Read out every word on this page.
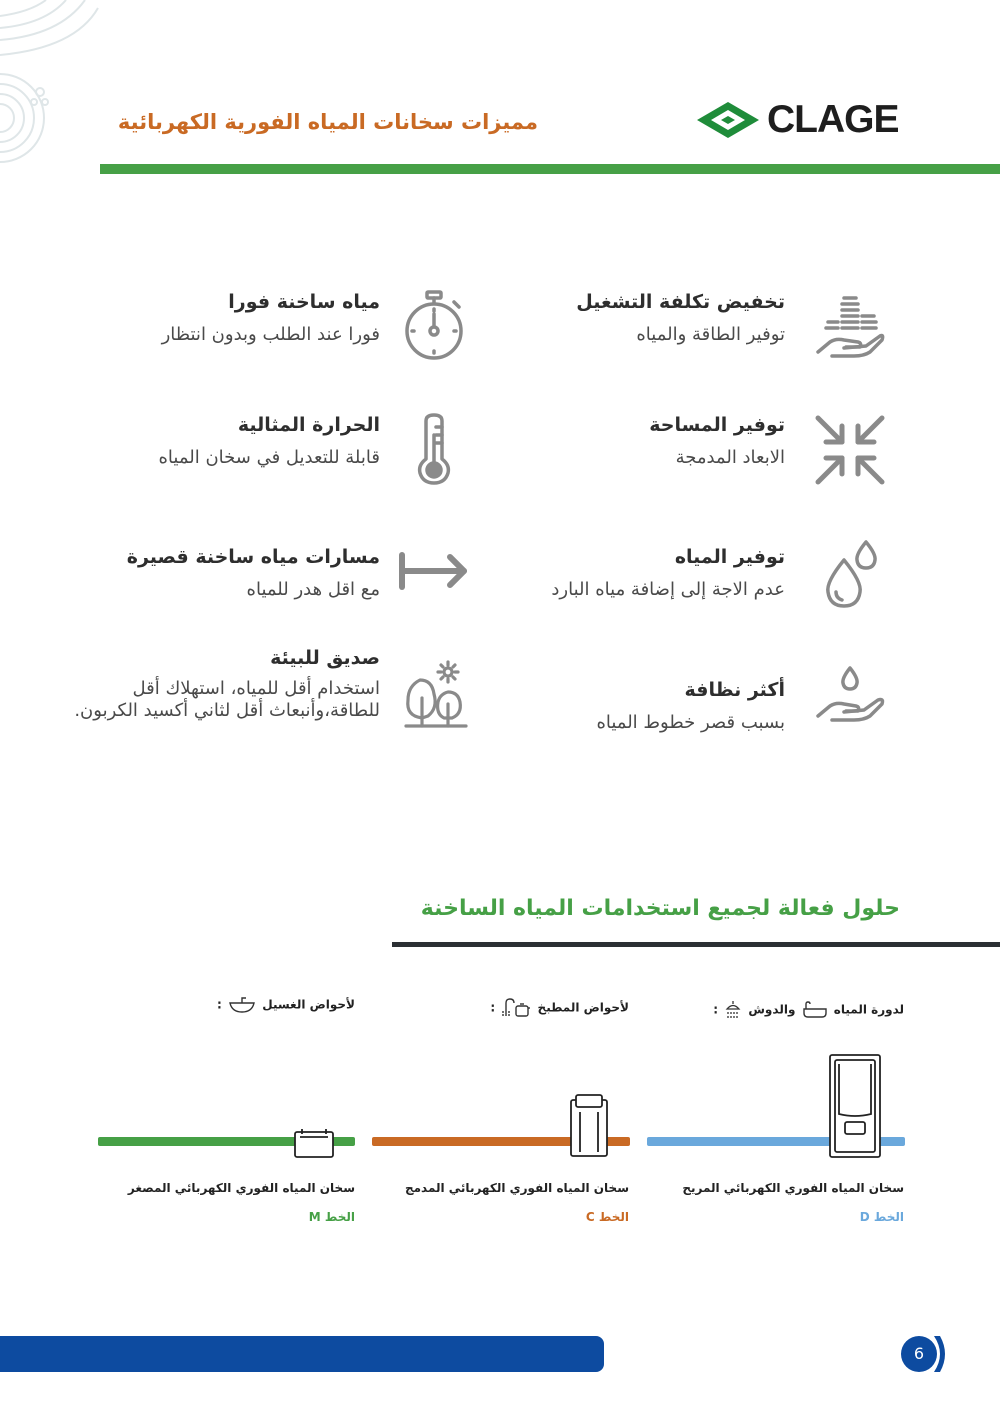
CLAGE
مميزات سخانات المياه الفورية الكهربائية
تخفيض تكلفة التشغيل
توفير الطاقة والمياه
مياه ساخنة فورا
فورا عند الطلب وبدون انتظار
توفير المساحة
الابعاد المدمجة
الحرارة المثالية
قابلة للتعديل في سخان المياه
توفير المياه
عدم الاجة إلى إضافة مياه البارد
مسارات مياه ساخنة قصيرة
مع اقل هدر للمياه
أكثر نظافة
بسبب قصر خطوط المياه
صديق للبيئة
استخدام أقل للمياه، استهلاك أقل للطاقة،وأنبعاث أقل لثاني أكسيد الكربون.
حلول فعالة لجميع استخدامات المياه الساخنة
لدورة المياه  والدوش  :
سخان المياه الفوري الكهربائي المريح
الخط D
لأحواض المطبخ  :
سخان المياه الفوري الكهربائي المدمج
الخط C
لأحواض الغسيل  :
سخان المياه الفوري الكهربائي المصغر
الخط M
6
